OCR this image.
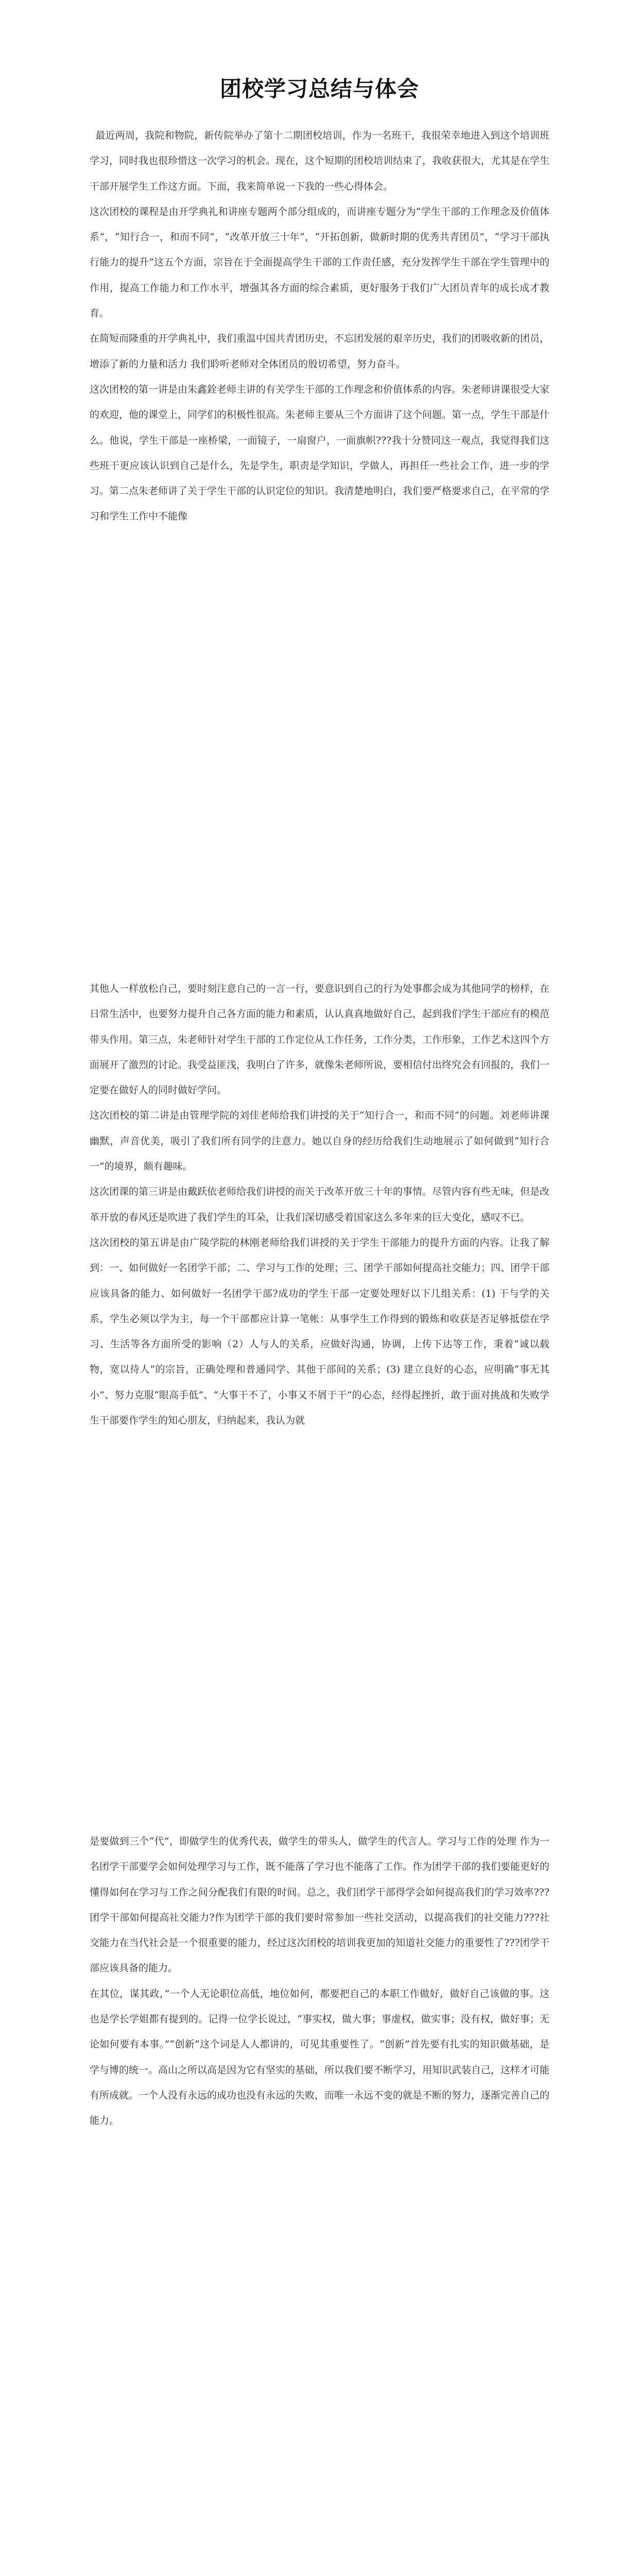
团校学习总结与体会

最近两周，我院和物院，新传院举办了第十二期团校培训，作为一名班干，我很荣幸地进入到这个培训班学习，同时我也很珍惜这一次学习的机会。现在，这个短期的团校培训结束了，我收获很大，尤其是在学生干部开展学生工作这方面。下面，我来简单说一下我的一些心得体会。

这次团校的课程是由开学典礼和讲座专题两个部分组成的，而讲座专题分为“学生干部的工作理念及价值体系”，“知行合一，和而不同”，“改革开放三十年”，“开拓创新，做新时期的优秀共青团员”，“学习干部执行能力的提升”这五个方面，宗旨在于全面提高学生干部的工作责任感，充分发挥学生干部在学生管理中的作用，提高工作能力和工作水平，增强其各方面的综合素质，更好服务于我们广大团员青年的成长成才教育。

在简短而隆重的开学典礼中，我们重温中国共青团历史，不忘团发展的艰辛历史，我们的团吸收新的团员，增添了新的力量和活力 我们聆听老师对全体团员的殷切希望，努力奋斗。

这次团校的第一讲是由朱鑫銓老师主讲的有关学生干部的工作理念和价值体系的内容。朱老师讲课很受大家的欢迎，他的课堂上，同学们的积极性很高。朱老师主要从三个方面讲了这个问题。第一点，学生干部是什么。他说，学生干部是一座桥梁，一面镜子，一扇窗户，一面旗帜???我十分赞同这一观点，我觉得我们这些班干更应该认识到自己是什么，先是学生，职责是学知识，学做人，再担任一些社会工作，进一步的学习。第二点朱老师讲了关于学生干部的认识定位的知识。我清楚地明白，我们要严格要求自己，在平常的学习和学生工作中不能像

其他人一样放松自己，要时刻注意自己的一言一行，要意识到自己的行为处事都会成为其他同学的榜样，在日常生活中，也要努力提升自己各方面的能力和素质，认认真真地做好自己，起到我们学生干部应有的模范带头作用。第三点，朱老师针对学生干部的工作定位从工作任务，工作分类，工作形象，工作艺术这四个方面展开了激烈的讨论。我受益匪浅，我明白了许多，就像朱老师所说，要相信付出终究会有回报的，我们一定要在做好人的同时做好学问。

这次团校的第二讲是由管理学院的刘佳老师给我们讲授的关于“知行合一，和而不同”的问题。刘老师讲课幽默，声音优美，吸引了我们所有同学的注意力。她以自身的经历给我们生动地展示了如何做到“知行合一”的境界，颇有趣味。

这次团课的第三讲是由戴跃依老师给我们讲授的而关于改革开放三十年的事情。尽管内容有些无味，但是改革开放的春风还是吹进了我们学生的耳朵，让我们深切感受着国家这么多年来的巨大变化，感叹不已。

这次团校的第五讲是由广陵学院的林刚老师给我们讲授的关于学生干部能力的提升方面的内容。让我了解到：一、如何做好一名团学干部；二、学习与工作的处理；三、团学干部如何提高社交能力；四、团学干部应该具备的能力、如何做好一名团学干部?成功的学生干部一定要处理好以下几组关系：(1) 干与学的关系，学生必须以学为主，每一个干部都应计算一笔帐：从事学生工作得到的锻炼和收获是否足够抵偿在学习、生活等各方面所受的影响（2）人与人的关系，应做好沟通，协调，上传下达等工作，秉着“诚以载物，宽以待人”的宗旨，正确处理和普通同学、其他干部间的关系；(3) 建立良好的心态，应明确“事无其小”、努力克服“眼高手低”、“大事干不了，小事又不屑于干”的心态，经得起挫折，敢于面对挑战和失败学生干部要作学生的知心朋友，归纳起来，我认为就

是要做到三个“代”，即做学生的优秀代表，做学生的带头人，做学生的代言人。学习与工作的处理 作为一名团学干部要学会如何处理学习与工作，既不能落了学习也不能落了工作。作为团学干部的我们要能更好的懂得如何在学习与工作之间分配我们有限的时间。总之，我们团学干部得学会如何提高我们的学习效率???团学干部如何提高社交能力?作为团学干部的我们要时常参加一些社交活动，以提高我们的社交能力???社交能力在当代社会是一个很重要的能力，经过这次团校的培训我更加的知道社交能力的重要性了???团学干部应该具备的能力。

在其位，谋其政，”一个人无论职位高低，地位如何，都要把自己的本职工作做好，做好自己该做的事。这也是学长学姐都有提到的。记得一位学长说过，“事实权，做大事；事虚权，做实事；没有权，做好事；无论如何要有本事。”“创新”这个词是人人都讲的，可见其重要性了。“创新”首先要有扎实的知识做基础，是学与博的统一。高山之所以高是因为它有坚实的基础，所以我们要不断学习，用知识武装自己，这样才可能有所成就。一个人没有永远的成功也没有永远的失败，而唯一永远不变的就是不断的努力，逐渐完善自己的能力。
